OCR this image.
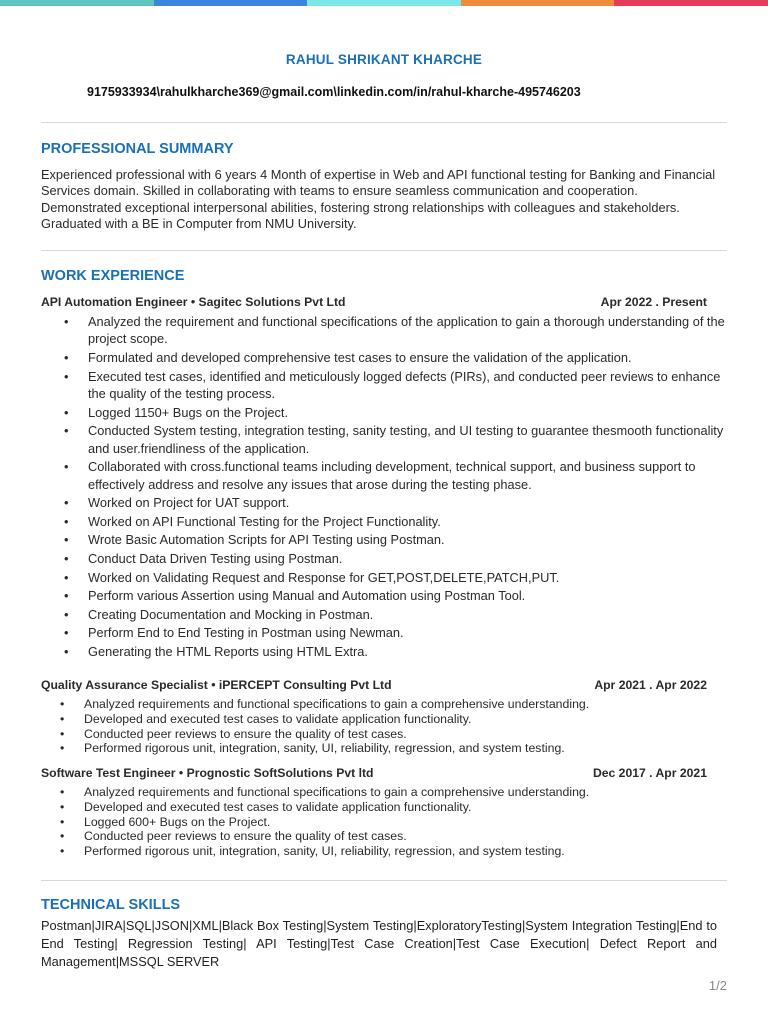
RAHUL SHRIKANT KHARCHE
9175933934\rahulkharche369@gmail.com\linkedin.com/in/rahul-kharche-495746203
PROFESSIONAL SUMMARY
Experienced professional with 6 years 4 Month of expertise in Web and API functional testing for Banking and Financial Services domain. Skilled in collaborating with teams to ensure seamless communication and cooperation. Demonstrated exceptional interpersonal abilities, fostering strong relationships with colleagues and stakeholders. Graduated with a BE in Computer from NMU University.
WORK EXPERIENCE
API Automation Engineer • Sagitec Solutions Pvt Ltd	Apr 2022 . Present
• Analyzed the requirement and functional specifications of the application to gain a thorough understanding of the project scope.
• Formulated and developed comprehensive test cases to ensure the validation of the application.
• Executed test cases, identified and meticulously logged defects (PIRs), and conducted peer reviews to enhance the quality of the testing process.
• Logged 1150+ Bugs on the Project.
• Conducted System testing, integration testing, sanity testing, and UI testing to guarantee thesmooth functionality and user.friendliness of the application.
• Collaborated with cross.functional teams including development, technical support, and business support to effectively address and resolve any issues that arose during the testing phase.
• Worked on Project for UAT support.
• Worked on API Functional Testing for the Project Functionality.
• Wrote Basic Automation Scripts for API Testing using Postman.
• Conduct Data Driven Testing using Postman.
• Worked on Validating Request and Response for GET,POST,DELETE,PATCH,PUT.
• Perform various Assertion using Manual and Automation using Postman Tool.
• Creating Documentation and Mocking in Postman.
• Perform End to End Testing in Postman using Newman.
• Generating the HTML Reports using HTML Extra.
Quality Assurance Specialist • iPERCEPT Consulting Pvt Ltd	Apr 2021 . Apr 2022
• Analyzed requirements and functional specifications to gain a comprehensive understanding.
• Developed and executed test cases to validate application functionality.
• Conducted peer reviews to ensure the quality of test cases.
• Performed rigorous unit, integration, sanity, UI, reliability, regression, and system testing.
Software Test Engineer • Prognostic SoftSolutions Pvt ltd	Dec 2017 . Apr 2021
• Analyzed requirements and functional specifications to gain a comprehensive understanding.
• Developed and executed test cases to validate application functionality.
• Logged 600+ Bugs on the Project.
• Conducted peer reviews to ensure the quality of test cases.
• Performed rigorous unit, integration, sanity, UI, reliability, regression, and system testing.
TECHNICAL SKILLS
Postman|JIRA|SQL|JSON|XML|Black Box Testing|System Testing|ExploratoryTesting|System Integration Testing|End to End Testing| Regression Testing| API Testing|Test Case Creation|Test Case Execution| Defect Report and Management|MSSQL SERVER
1/2
